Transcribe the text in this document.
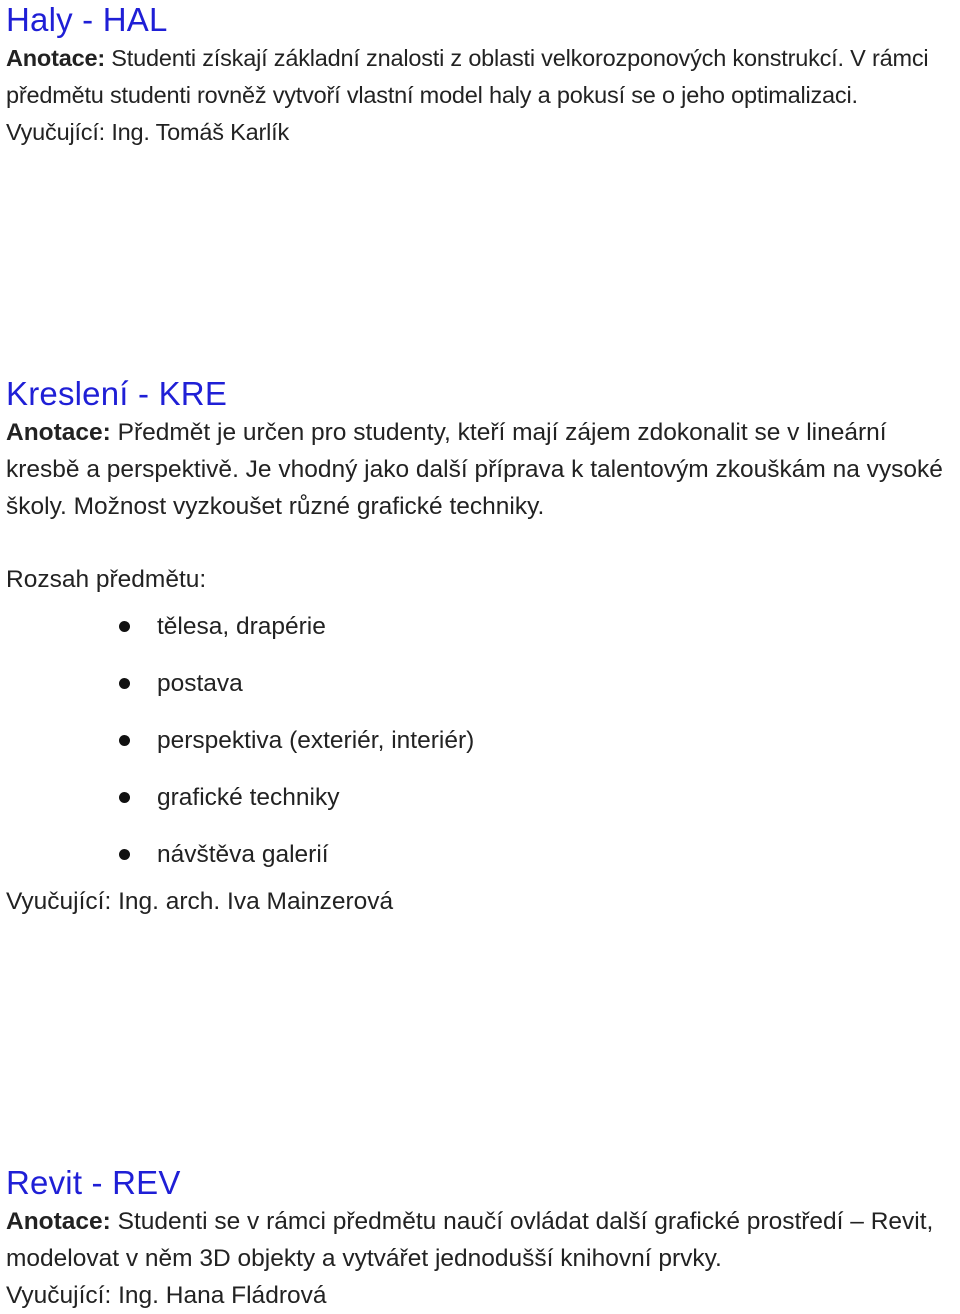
Haly - HAL

Anotace: Studenti získají základní znalosti z oblasti velkorozponových konstrukcí. V rámci předmětu studenti rovněž vytvoří vlastní model haly a pokusí se o jeho optimalizaci.

Vyučující: Ing. Tomáš Karlík

Kreslení - KRE

Anotace: Předmět je určen pro studenty, kteří mají zájem zdokonalit se v lineární kresbě a perspektivě. Je vhodný jako další příprava k talentovým zkouškám na vysoké školy. Možnost vyzkoušet různé grafické techniky.

Rozsah předmětu:

tělesa, drapérie
postava
perspektiva (exteriér, interiér)
grafické techniky
návštěva galerií

Vyučující: Ing. arch. Iva Mainzerová

Revit - REV

Anotace: Studenti se v rámci předmětu naučí ovládat další grafické prostředí – Revit, modelovat v něm 3D objekty a vytvářet jednodušší knihovní prvky.

Vyučující: Ing. Hana Fládrová
